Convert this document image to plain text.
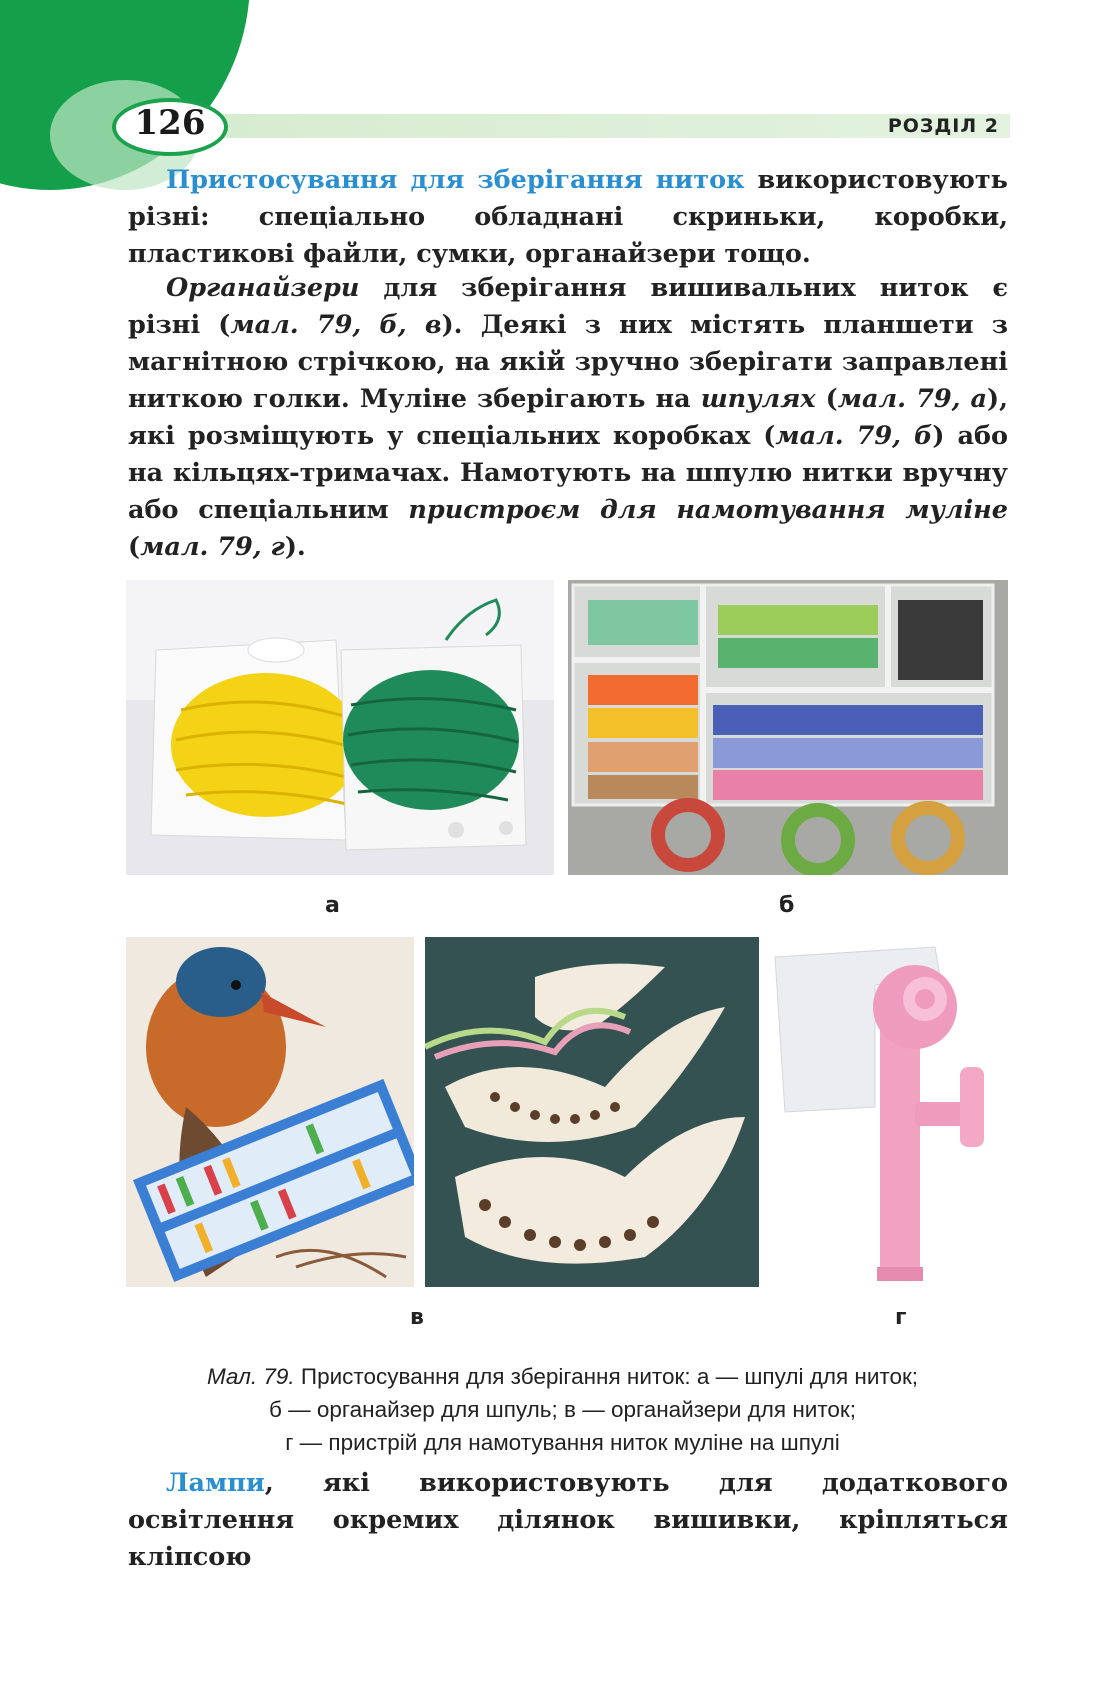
126	РОЗДІЛ 2

Пристосування для зберігання ниток використовують різні: спеціально обладнані скриньки, коробки, пластикові файли, сумки, органайзери тощо.

Органайзери для зберігання вишивальних ниток є різні (мал. 79, б, в). Деякі з них містять планшети з магнітною стрічкою, на якій зручно зберігати заправлені ниткою голки. Муліне зберігають на шпулях (мал. 79, а), які розміщують у спеціальних коробках (мал. 79, б) або на кільцях-тримачах. Намотують на шпулю нитки вручну або спеціальним пристроєм для намотування муліне (мал. 79, г).

а	б
в	г
Мал. 79. Пристосування для зберігання ниток: а — шпулі для ниток;
б — органайзер для шпуль; в — органайзери для ниток;
г — пристрій для намотування ниток муліне на шпулі

Лампи, які використовують для додаткового освітлення окремих ділянок вишивки, кріпляться кліпсою
